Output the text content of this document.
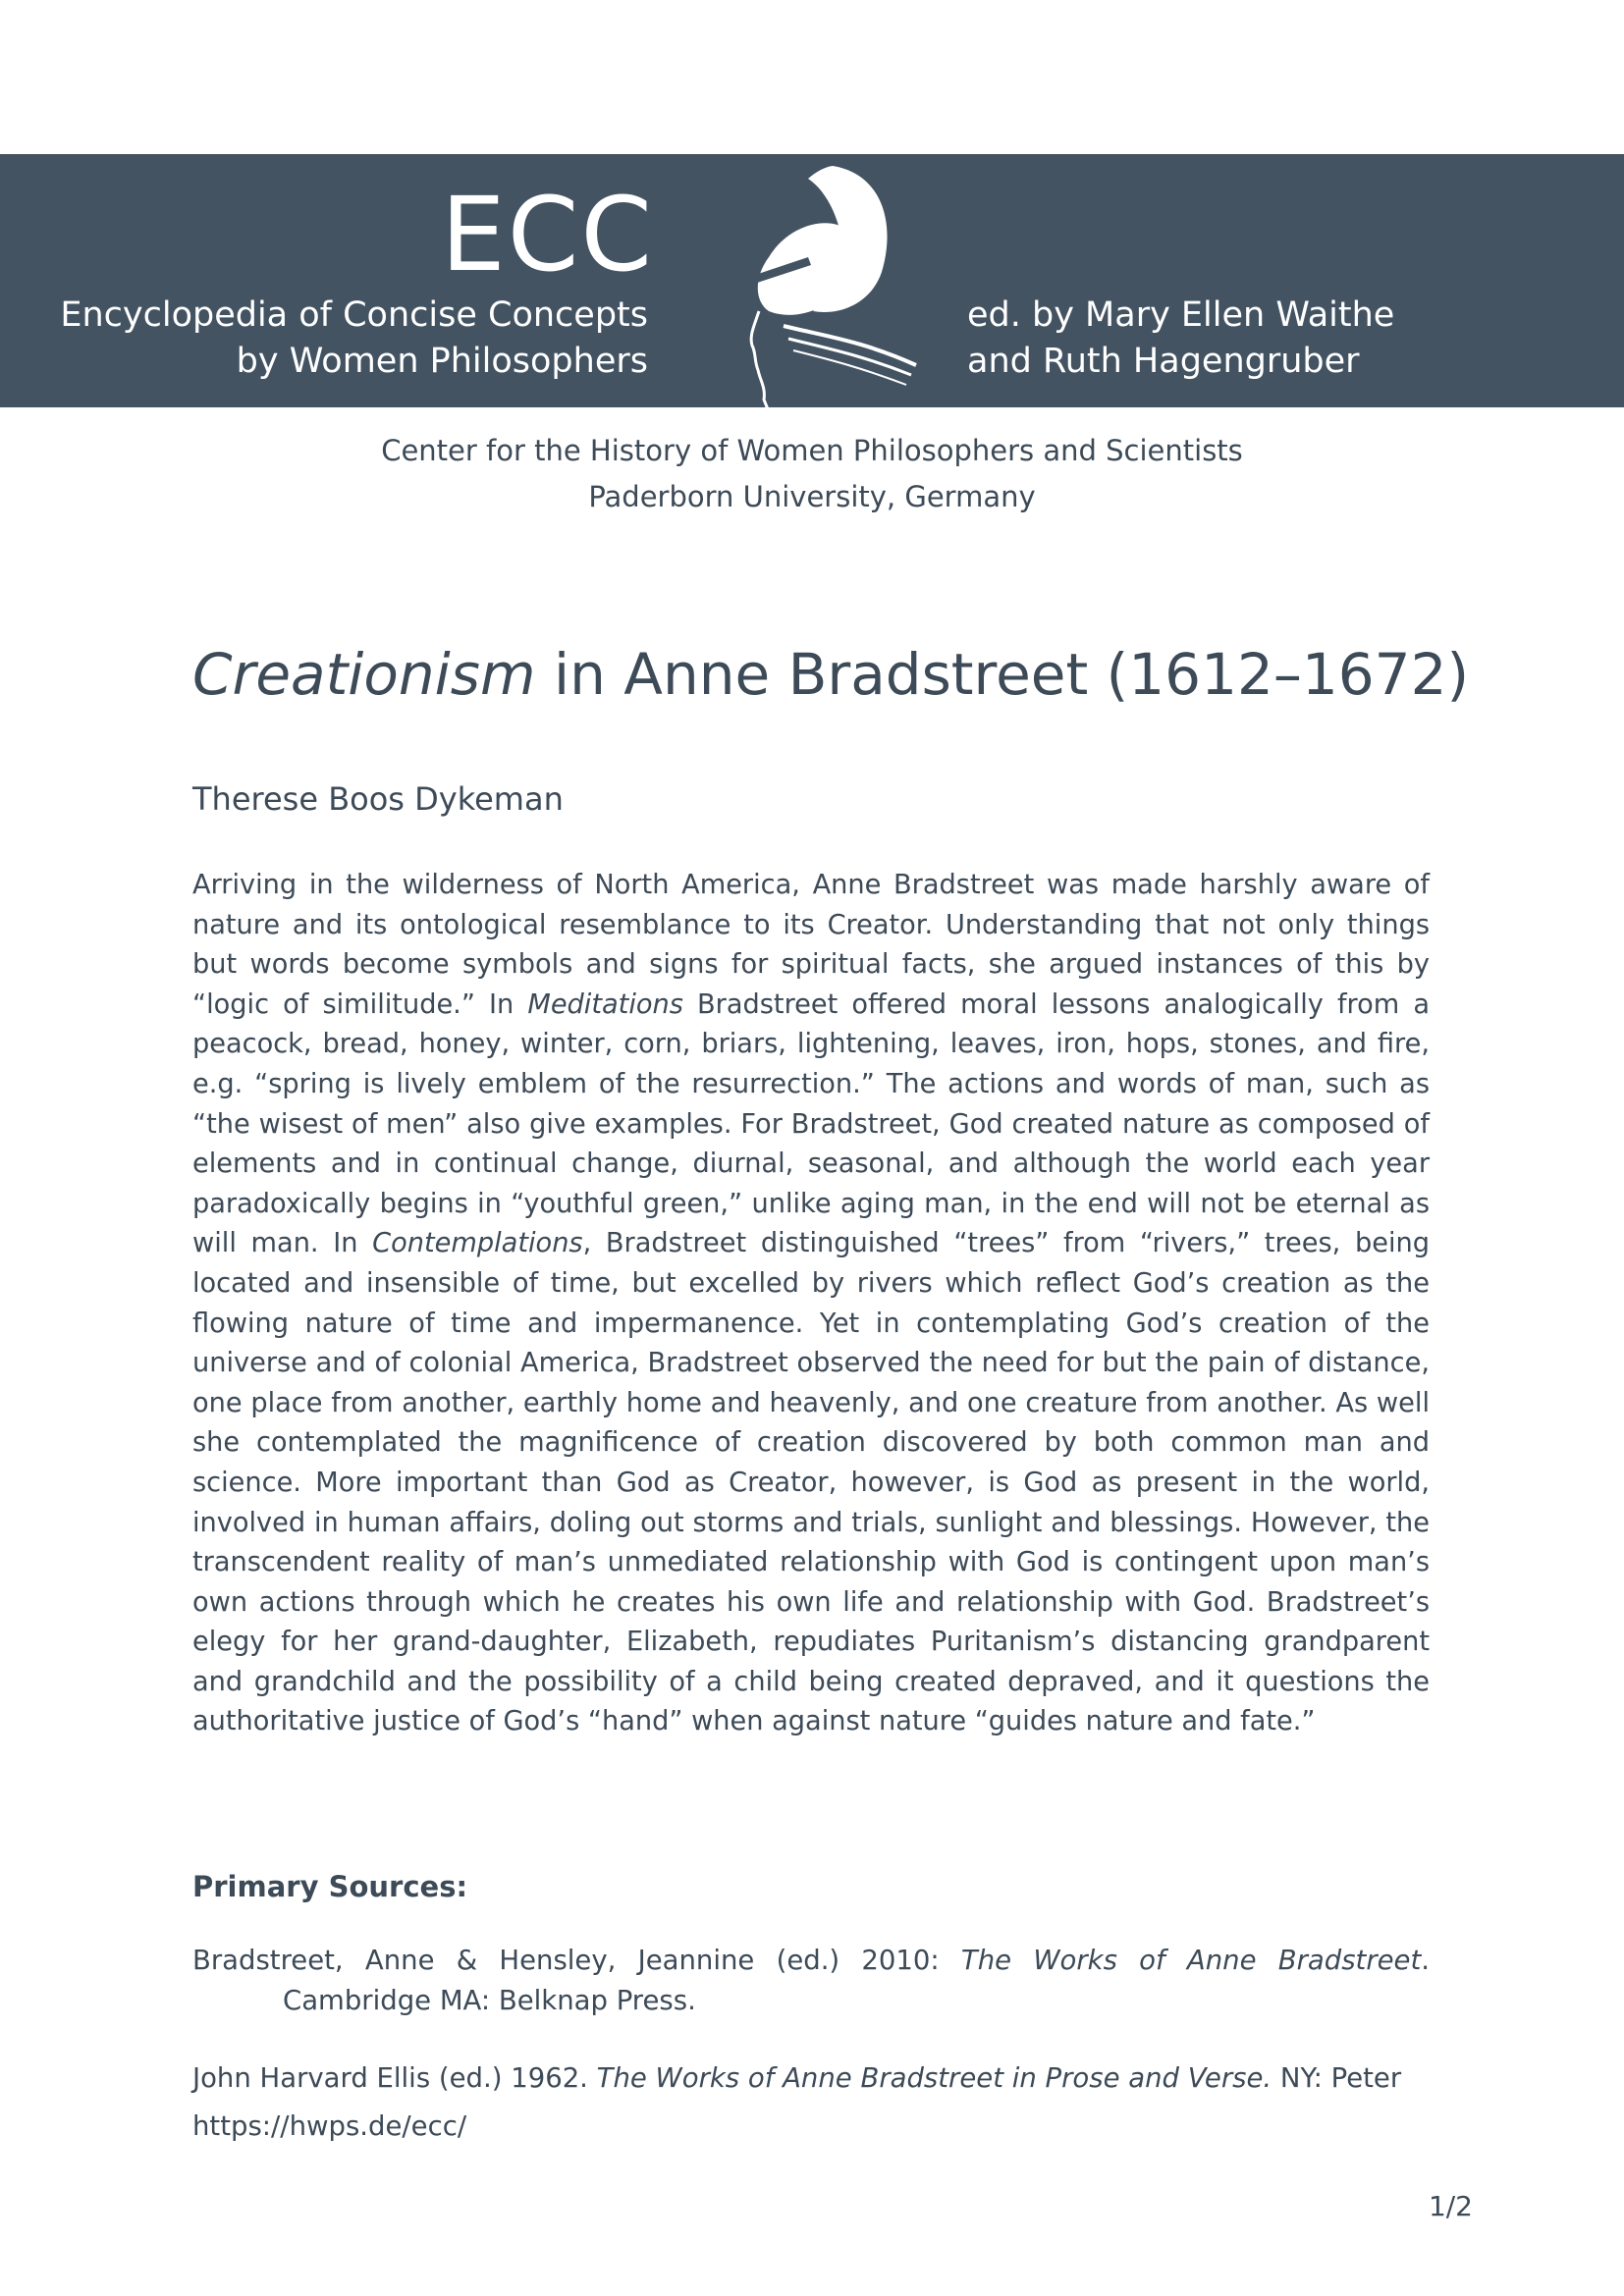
ECC
Encyclopedia of Concise Concepts
by Women Philosophers
ed. by Mary Ellen Waithe
and Ruth Hagengruber
Center for the History of Women Philosophers and Scientists
Paderborn University, Germany
Creationism in Anne Bradstreet (1612–1672)
Therese Boos Dykeman

Arriving in the wilderness of North America, Anne Bradstreet was made harshly aware of nature and its ontological resemblance to its Creator. Understanding that not only things but words become symbols and signs for spiritual facts, she argued instances of this by “logic of similitude.” In Meditations Bradstreet offered moral lessons analogically from a peacock, bread, honey, winter, corn, briars, lightening, leaves, iron, hops, stones, and fire, e.g. “spring is lively emblem of the resurrection.” The actions and words of man, such as “the wisest of men” also give examples. For Bradstreet, God created nature as composed of elements and in continual change, diurnal, seasonal, and although the world each year paradoxically begins in “youthful green,” unlike aging man, in the end will not be eternal as will man. In Contemplations, Bradstreet distinguished “trees” from “rivers,” trees, being located and insensible of time, but excelled by rivers which reflect God’s creation as the flowing nature of time and impermanence. Yet in contemplating God’s creation of the universe and of colonial America, Bradstreet observed the need for but the pain of distance, one place from another, earthly home and heavenly, and one creature from another. As well she contemplated the magnificence of creation discovered by both common man and science. More important than God as Creator, however, is God as present in the world, involved in human affairs, doling out storms and trials, sunlight and blessings. However, the transcendent reality of man’s unmediated relationship with God is contingent upon man’s own actions through which he creates his own life and relationship with God. Bradstreet’s elegy for her grand-daughter, Elizabeth, repudiates Puritanism’s distancing grandparent and grandchild and the possibility of a child being created depraved, and it questions the authoritative justice of God’s “hand” when against nature “guides nature and fate.”

Primary Sources:

Bradstreet, Anne & Hensley, Jeannine (ed.) 2010: The Works of Anne Bradstreet.
Cambridge MA: Belknap Press.

John Harvard Ellis (ed.) 1962. The Works of Anne Bradstreet in Prose and Verse. NY: Peter

https://hwps.de/ecc/
1/2
